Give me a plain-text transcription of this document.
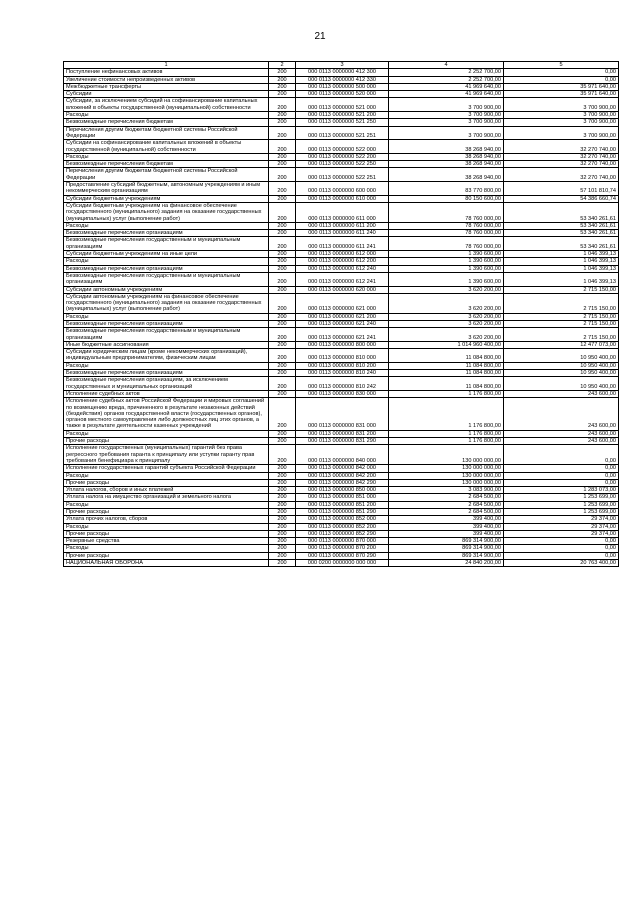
21
1	2	3	4	5
Поступление нефинансовых активов	200	000 0113 0000000 412 300	2 252 700,00	0,00
Увеличение стоимости непроизведенных активов	200	000 0113 0000000 412 330	2 252 700,00	0,00
Межбюджетные трансферты	200	000 0113 0000000 500 000	41 969 640,00	35 971 640,00
Субсидии	200	000 0113 0000000 520 000	41 969 640,00	35 971 640,00
Субсидии, за исключением субсидий на софинансирование капитальных вложений в объекты государственной (муниципальной) собственности	200	000 0113 0000000 521 000	3 700 900,00	3 700 900,00
Расходы	200	000 0113 0000000 521 200	3 700 900,00	3 700 900,00
Безвозмездные перечисления бюджетам	200	000 0113 0000000 521 250	3 700 900,00	3 700 900,00
Перечисления другим бюджетам бюджетной системы Российской Федерации	200	000 0113 0000000 521 251	3 700 900,00	3 700 900,00
Субсидии на софинансирование капитальных вложений в объекты государственной (муниципальной) собственности	200	000 0113 0000000 522 000	38 268 940,00	32 270 740,00
Расходы	200	000 0113 0000000 522 200	38 268 940,00	32 270 740,00
Безвозмездные перечисления бюджетам	200	000 0113 0000000 522 250	38 268 940,00	32 270 740,00
Перечисления другим бюджетам бюджетной системы Российской Федерации	200	000 0113 0000000 522 251	38 268 940,00	32 270 740,00
Предоставление субсидий бюджетным, автономным учреждениям и иным некоммерческим организациям	200	000 0113 0000000 600 000	83 770 800,00	57 101 810,74
Субсидии бюджетным учреждениям	200	000 0113 0000000 610 000	80 150 600,00	54 386 660,74
Субсидии бюджетным учреждениям на финансовое обеспечение государственного (муниципального) задания на оказание государственных (муниципальных) услуг (выполнение работ)	200	000 0113 0000000 611 000	78 760 000,00	53 340 261,61
Расходы	200	000 0113 0000000 611 200	78 760 000,00	53 340 261,61
Безвозмездные перечисления организациям	200	000 0113 0000000 611 240	78 760 000,00	53 340 261,61
Безвозмездные перечисления государственным и муниципальным организациям	200	000 0113 0000000 611 241	78 760 000,00	53 340 261,61
Субсидии бюджетным учреждениям на иные цели	200	000 0113 0000000 612 000	1 390 600,00	1 046 399,13
Расходы	200	000 0113 0000000 612 200	1 390 600,00	1 046 399,13
Безвозмездные перечисления организациям	200	000 0113 0000000 612 240	1 390 600,00	1 046 399,13
Безвозмездные перечисления государственным и муниципальным организациям	200	000 0113 0000000 612 241	1 390 600,00	1 046 399,13
Субсидии автономным учреждениям	200	000 0113 0000000 620 000	3 620 200,00	2 715 150,00
Субсидии автономным учреждениям на финансовое обеспечение государственного (муниципального) задания на оказание государственных (муниципальных) услуг (выполнение работ)	200	000 0113 0000000 621 000	3 620 200,00	2 715 150,00
Расходы	200	000 0113 0000000 621 200	3 620 200,00	2 715 150,00
Безвозмездные перечисления организациям	200	000 0113 0000000 621 240	3 620 200,00	2 715 150,00
Безвозмездные перечисления государственным и муниципальным организациям	200	000 0113 0000000 621 241	3 620 200,00	2 715 150,00
Иные бюджетные ассигнования	200	000 0113 0000000 800 000	1 014 960 400,00	12 477 073,00
Субсидии юридическим лицам (кроме некоммерческих организаций), индивидуальным предпринимателям, физическим лицам	200	000 0113 0000000 810 000	11 084 800,00	10 950 400,00
Расходы	200	000 0113 0000000 810 200	11 084 800,00	10 950 400,00
Безвозмездные перечисления организациям	200	000 0113 0000000 810 240	11 084 800,00	10 950 400,00
Безвозмездные перечисления организациям, за исключением государственных и муниципальных организаций	200	000 0113 0000000 810 242	11 084 800,00	10 950 400,00
Исполнение судебных актов	200	000 0113 0000000 830 000	1 176 800,00	243 600,00
Исполнение судебных актов Российской Федерации и мировых соглашений по возмещению вреда, причиненного в результате незаконных действий (бездействия) органов государственной власти (государственных органов), органов местного самоуправления либо должностных лиц этих органов, а также в результате деятельности казенных учреждений	200	000 0113 0000000 831 000	1 176 800,00	243 600,00
Расходы	200	000 0113 0000000 831 200	1 176 800,00	243 600,00
Прочие расходы	200	000 0113 0000000 831 290	1 176 800,00	243 600,00
Исполнение государственных (муниципальных) гарантий без права регрессного требования гаранта к принципалу или уступки гаранту прав требования бенефициара к принципалу	200	000 0113 0000000 840 000	130 000 000,00	0,00
Исполнение государственных гарантий субъекта Российской Федерации	200	000 0113 0000000 842 000	130 000 000,00	0,00
Расходы	200	000 0113 0000000 842 200	130 000 000,00	0,00
Прочие расходы	200	000 0113 0000000 842 290	130 000 000,00	0,00
Уплата налогов, сборов и иных платежей	200	000 0113 0000000 850 000	3 083 900,00	1 283 073,00
Уплата налога на имущество организаций и земельного налога	200	000 0113 0000000 851 000	2 684 500,00	1 253 699,00
Расходы	200	000 0113 0000000 851 200	2 684 500,00	1 253 699,00
Прочие расходы	200	000 0113 0000000 851 290	2 684 500,00	1 253 699,00
Уплата прочих налогов, сборов	200	000 0113 0000000 852 000	399 400,00	29 374,00
Расходы	200	000 0113 0000000 852 200	399 400,00	29 374,00
Прочие расходы	200	000 0113 0000000 852 290	399 400,00	29 374,00
Резервные средства	200	000 0113 0000000 870 000	869 314 900,00	0,00
Расходы	200	000 0113 0000000 870 200	869 314 900,00	0,00
Прочие расходы	200	000 0113 0000000 870 290	869 314 900,00	0,00
НАЦИОНАЛЬНАЯ ОБОРОНА	200	000 0200 0000000 000 000	24 840 200,00	20 763 400,00
